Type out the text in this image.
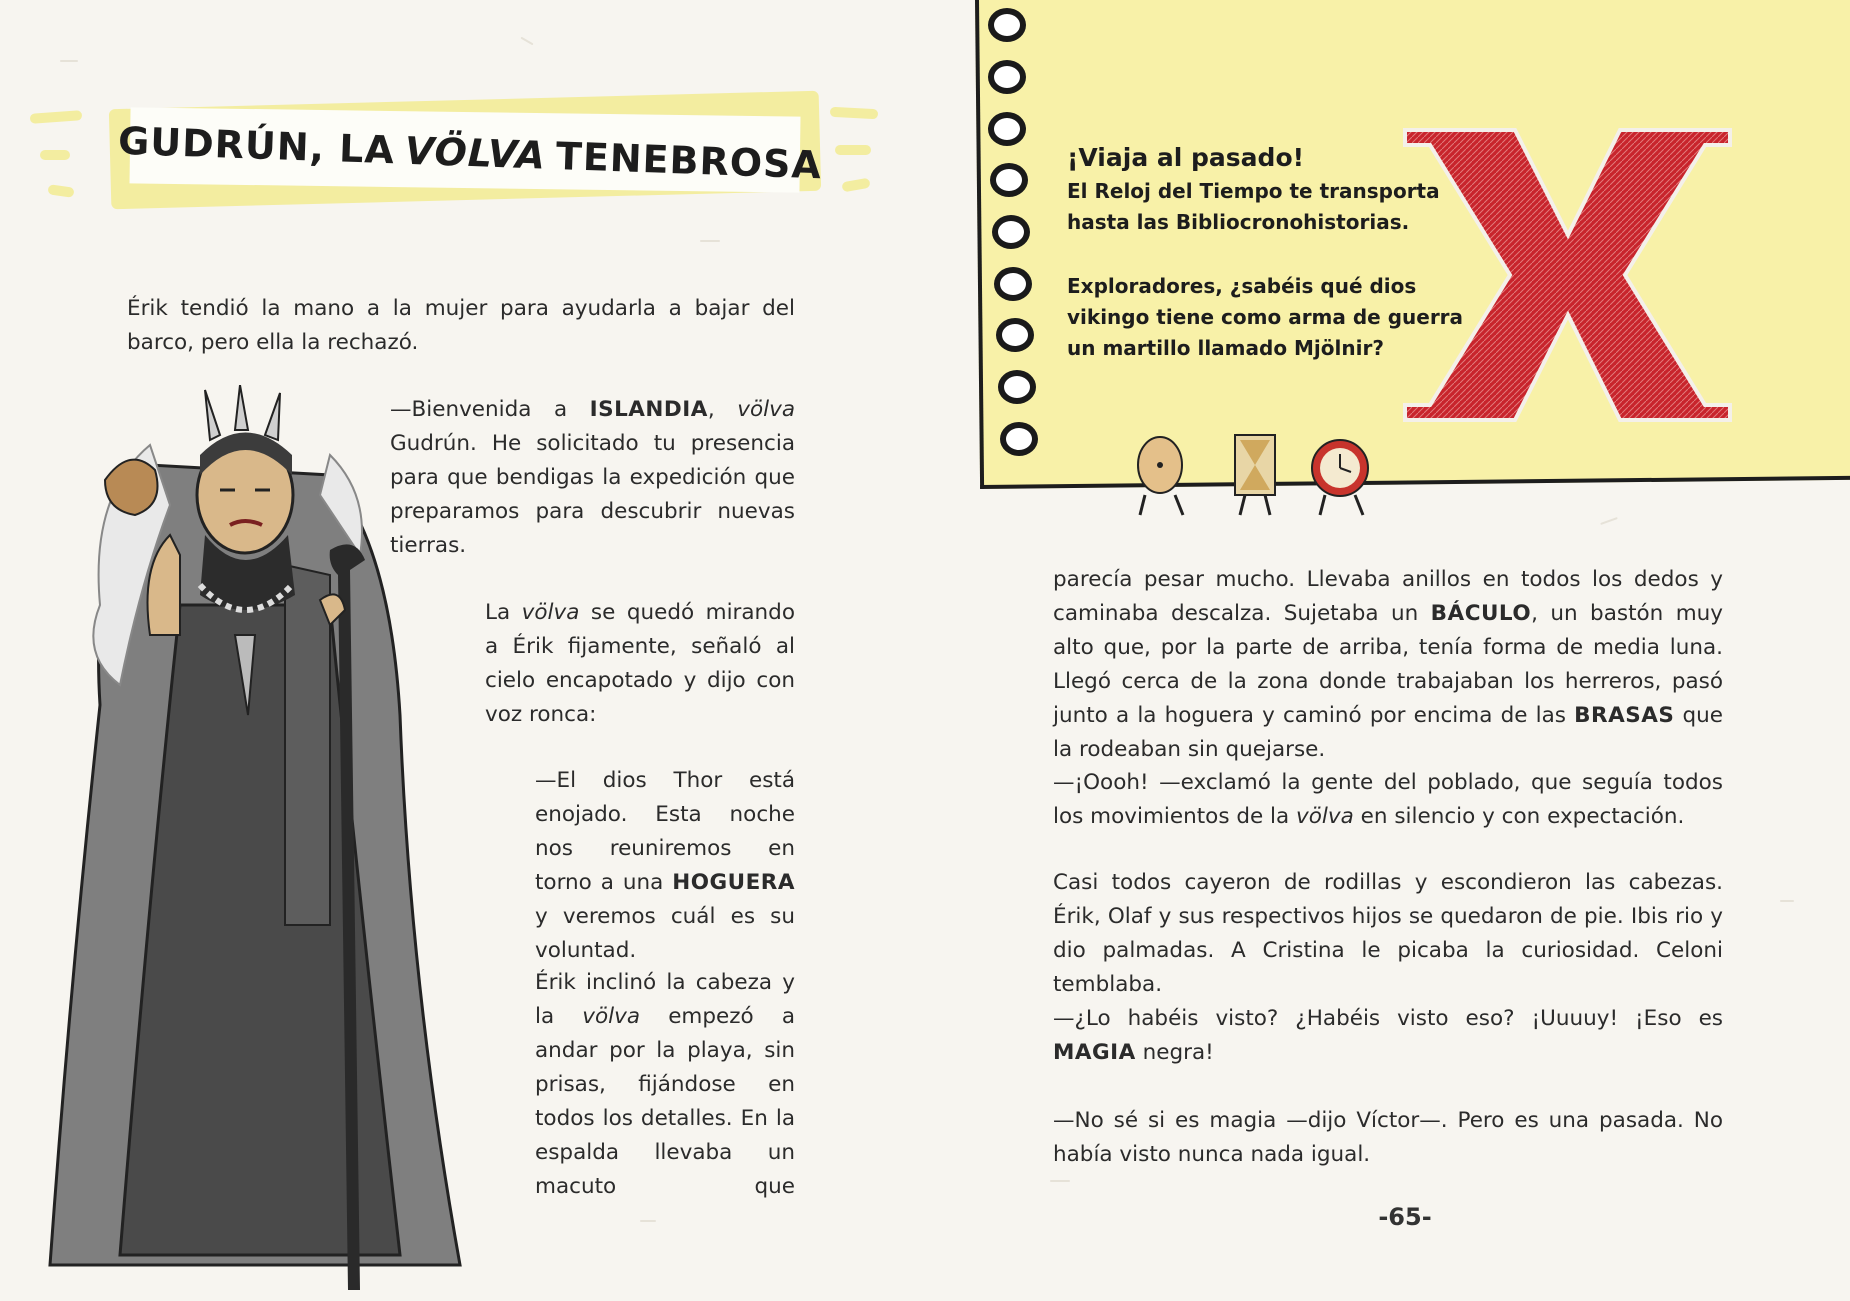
GUDRÚN, LA VÖLVA TENEBROSA

Érik tendió la mano a la mujer para ayudarla a bajar del barco, pero ella la rechazó.

—Bienvenida a ISLANDIA, völva Gudrún. He solicitado tu presencia para que bendigas la expedición que preparamos para descubrir nuevas tierras.

La völva se quedó mirando a Érik fijamente, señaló al cielo encapotado y dijo con voz ronca:

—El dios Thor está enojado. Esta noche nos reuniremos en torno a una HOGUERA y veremos cuál es su voluntad.

Érik inclinó la cabeza y la völva empezó a andar por la playa, sin prisas, fijándose en todos los detalles. En la espalda llevaba un macuto que

¡Viaja al pasado!

El Reloj del Tiempo te transporta hasta las Bibliocronohistorias.

Exploradores, ¿sabéis qué dios vikingo tiene como arma de guerra un martillo llamado Mjölnir?

parecía pesar mucho. Llevaba anillos en todos los dedos y caminaba descalza. Sujetaba un BÁCULO, un bastón muy alto que, por la parte de arriba, tenía forma de media luna. Llegó cerca de la zona donde trabajaban los herreros, pasó junto a la hoguera y caminó por encima de las BRASAS que la rodeaban sin quejarse.

—¡Oooh! —exclamó la gente del poblado, que seguía todos los movimientos de la völva en silencio y con expectación.

Casi todos cayeron de rodillas y escondieron las cabezas. Érik, Olaf y sus respectivos hijos se quedaron de pie. Ibis rio y dio palmadas. A Cristina le picaba la curiosidad. Celoni temblaba.

—¿Lo habéis visto? ¿Habéis visto eso? ¡Uuuuy! ¡Eso es MAGIA negra!

—No sé si es magia —dijo Víctor—. Pero es una pasada. No había visto nunca nada igual.

-65-
